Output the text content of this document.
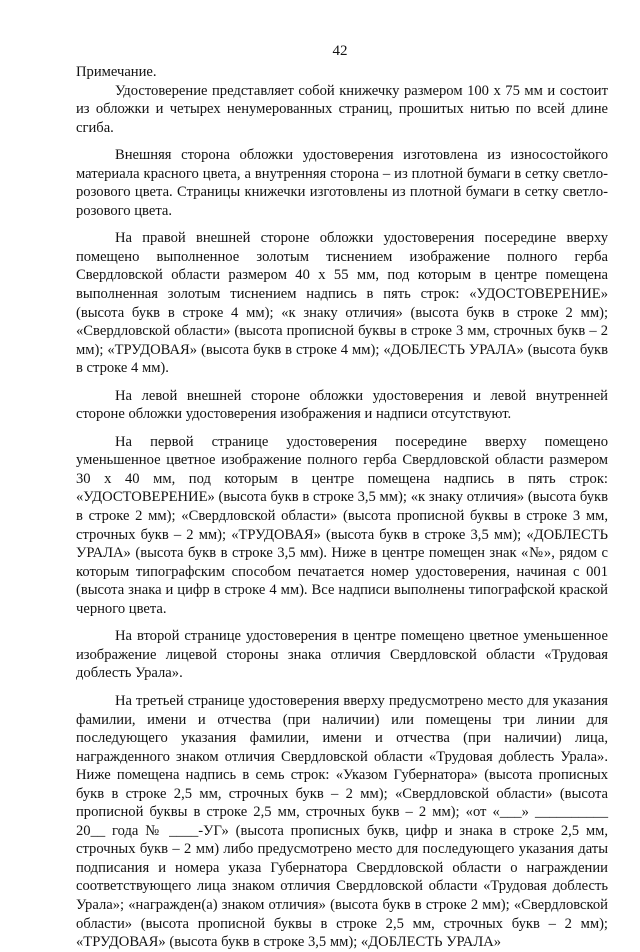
42

Примечание.

Удостоверение представляет собой книжечку размером 100 х 75 мм и состоит из обложки и четырех ненумерованных страниц, прошитых нитью по всей длине сгиба.

Внешняя сторона обложки удостоверения изготовлена из износостойкого материала красного цвета, а внутренняя сторона – из плотной бумаги в сетку светло-розового цвета. Страницы книжечки изготовлены из плотной бумаги в сетку светло-розового цвета.

На правой внешней стороне обложки удостоверения посередине вверху помещено выполненное золотым тиснением изображение полного герба Свердловской области размером 40 х 55 мм, под которым в центре помещена выполненная золотым тиснением надпись в пять строк: «УДОСТОВЕРЕНИЕ» (высота букв в строке 4 мм); «к знаку отличия» (высота букв в строке 2 мм); «Свердловской области» (высота прописной буквы в строке 3 мм, строчных букв – 2 мм); «ТРУДОВАЯ» (высота букв в строке 4 мм); «ДОБЛЕСТЬ УРАЛА» (высота букв в строке 4 мм).

На левой внешней стороне обложки удостоверения и левой внутренней стороне обложки удостоверения изображения и надписи отсутствуют.

На первой странице удостоверения посередине вверху помещено уменьшенное цветное изображение полного герба Свердловской области размером 30 х 40 мм, под которым в центре помещена надпись в пять строк: «УДОСТОВЕРЕНИЕ» (высота букв в строке 3,5 мм); «к знаку отличия» (высота букв в строке 2 мм); «Свердловской области» (высота прописной буквы в строке 3 мм, строчных букв – 2 мм); «ТРУДОВАЯ» (высота букв в строке 3,5 мм); «ДОБЛЕСТЬ УРАЛА» (высота букв в строке 3,5 мм). Ниже в центре помещен знак «№», рядом с которым типографским способом печатается номер удостоверения, начиная с 001 (высота знака и цифр в строке 4 мм). Все надписи выполнены типографской краской черного цвета.

На второй странице удостоверения в центре помещено цветное уменьшенное изображение лицевой стороны знака отличия Свердловской области «Трудовая доблесть Урала».

На третьей странице удостоверения вверху предусмотрено место для указания фамилии, имени и отчества (при наличии) или помещены три линии для последующего указания фамилии, имени и отчества (при наличии) лица, награжденного знаком отличия Свердловской области «Трудовая доблесть Урала». Ниже помещена надпись в семь строк: «Указом Губернатора» (высота прописных букв в строке 2,5 мм, строчных букв – 2 мм); «Свердловской области» (высота прописной буквы в строке 2,5 мм, строчных букв – 2 мм); «от «___» __________ 20__ года № ____-УГ» (высота прописных букв, цифр и знака в строке 2,5 мм, строчных букв – 2 мм) либо предусмотрено место для последующего указания даты подписания и номера указа Губернатора Свердловской области о награждении соответствующего лица знаком отличия Свердловской области «Трудовая доблесть Урала»; «награжден(а) знаком отличия» (высота букв в строке 2 мм); «Свердловской области» (высота прописной буквы в строке 2,5 мм, строчных букв – 2 мм); «ТРУДОВАЯ» (высота букв в строке 3,5 мм); «ДОБЛЕСТЬ УРАЛА»
